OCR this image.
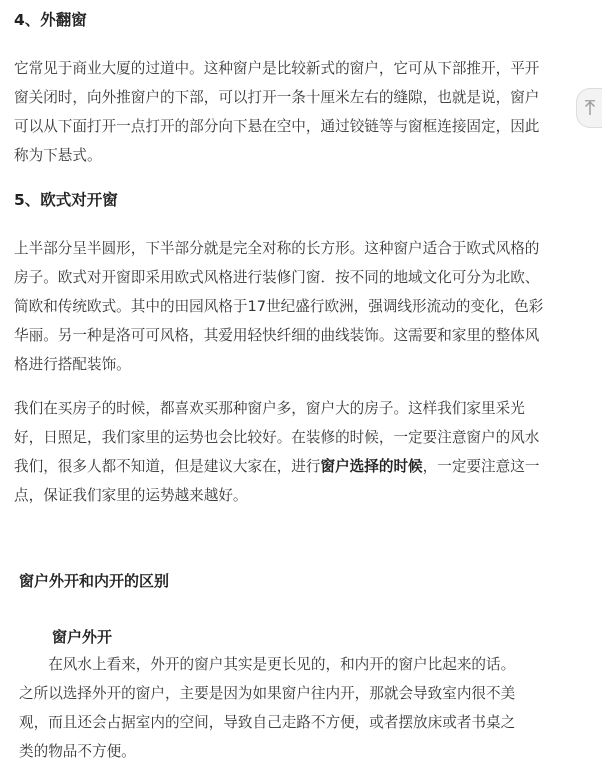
4、外翻窗
它常见于商业大厦的过道中。这种窗户是比较新式的窗户，它可从下部推开，平开
窗关闭时，向外推窗户的下部，可以打开一条十厘米左右的缝隙，也就是说，窗户
可以从下面打开一点打开的部分向下悬在空中，通过铰链等与窗框连接固定，因此
称为下悬式。
5、欧式对开窗
上半部分呈半圆形，下半部分就是完全对称的长方形。这种窗户适合于欧式风格的
房子。欧式对开窗即采用欧式风格进行装修门窗．按不同的地域文化可分为北欧、
简欧和传统欧式。其中的田园风格于17世纪盛行欧洲，强调线形流动的变化，色彩
华丽。另一种是洛可可风格，其爱用轻快纤细的曲线装饰。这需要和家里的整体风
格进行搭配装饰。
我们在买房子的时候，都喜欢买那种窗户多，窗户大的房子。这样我们家里采光
好，日照足，我们家里的运势也会比较好。在装修的时候，一定要注意窗户的风水
我们，很多人都不知道，但是建议大家在，进行窗户选择的时候，一定要注意这一
点，保证我们家里的运势越来越好。
窗户外开和内开的区别
窗户外开
　　在风水上看来，外开的窗户其实是更长见的，和内开的窗户比起来的话。
之所以选择外开的窗户，主要是因为如果窗户往内开，那就会导致室内很不美
观，而且还会占据室内的空间，导致自己走路不方便，或者摆放床或者书桌之
类的物品不方便。
